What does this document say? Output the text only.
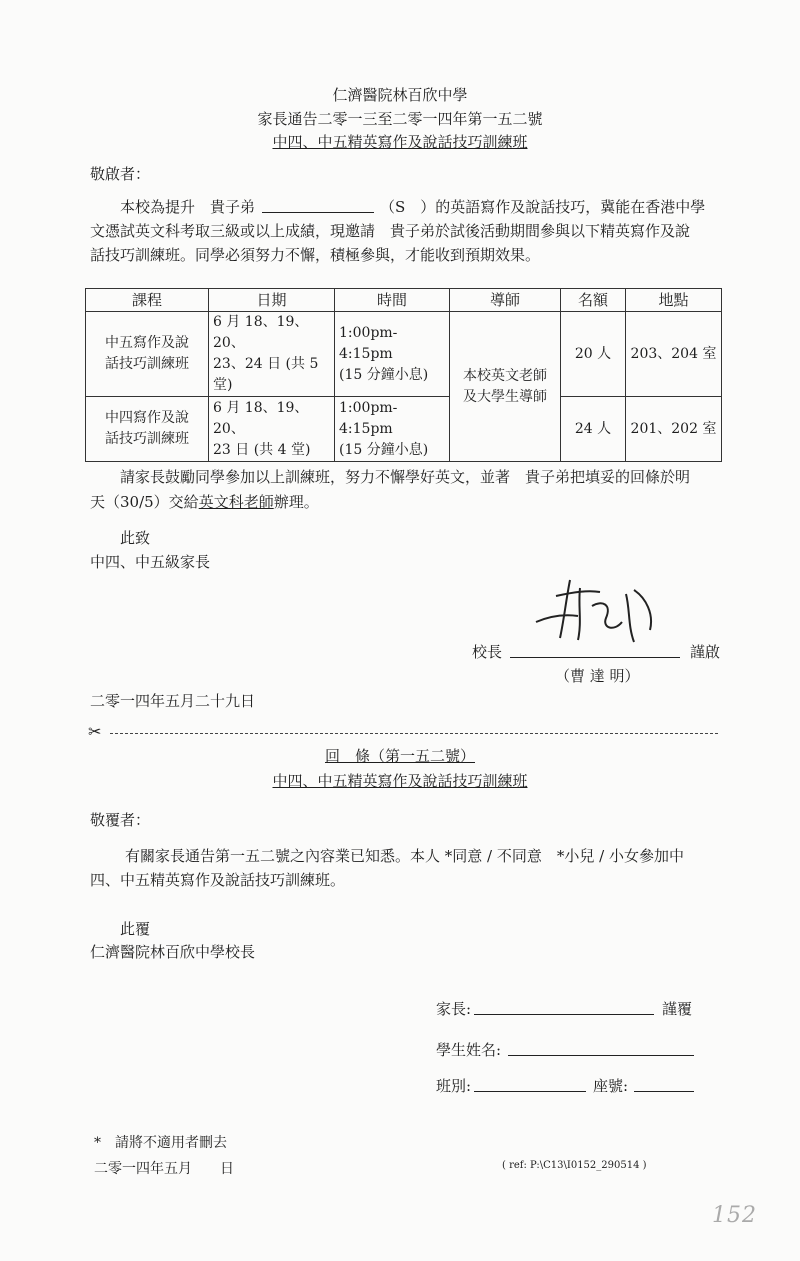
仁濟醫院林百欣中學
家長通告二零一三至二零一四年第一五二號
中四、中五精英寫作及說話技巧訓練班
敬啟者：
本校為提升　貴子弟	（S　）的英語寫作及說話技巧，冀能在香港中學
文憑試英文科考取三級或以上成績，現邀請　貴子弟於試後活動期間參與以下精英寫作及說
話技巧訓練班。同學必須努力不懈，積極參與，才能收到預期效果。
課程	日期	時間	導師	名額	地點
中五寫作及說
話技巧訓練班	6 月 18、19、20、
23、24 日 (共 5 堂)	1:00pm-4:15pm
(15 分鐘小息)	本校英文老師
及大學生導師	20 人	203、204 室
中四寫作及說
話技巧訓練班	6 月 18、19、20、
23 日 (共 4 堂)	1:00pm-4:15pm
(15 分鐘小息)		24 人	201、202 室
請家長鼓勵同學參加以上訓練班，努力不懈學好英文，並著　貴子弟把填妥的回條於明
天（30/5）交給英文科老師辦理。
此致
中四、中五級家長
校長	謹啟
（曹 達 明）
二零一四年五月二十九日
✂
回　條（第一五二號）
中四、中五精英寫作及說話技巧訓練班
敬覆者：
有關家長通告第一五二號之內容業已知悉。本人 *同意 / 不同意　*小兒 / 小女參加中
四、中五精英寫作及說話技巧訓練班。
此覆
仁濟醫院林百欣中學校長
家長:	謹覆
學生姓名:
班別:	座號:
*　請將不適用者刪去
二零一四年五月　　日	( ref: P:\C13\I0152_290514 )
152
